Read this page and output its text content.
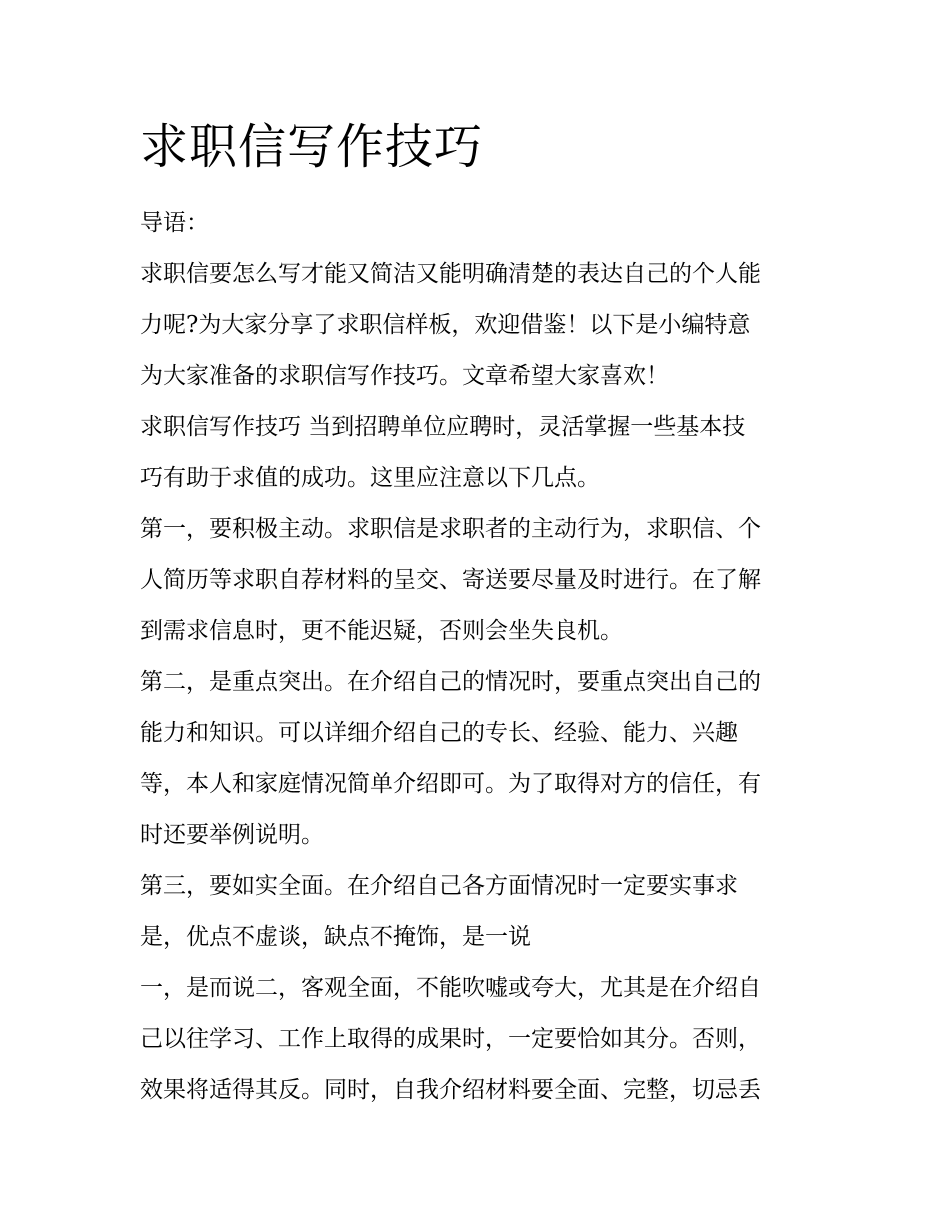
求职信写作技巧
导语：
求职信要怎么写才能又简洁又能明确清楚的表达自己的个人能
力呢?为大家分享了求职信样板，欢迎借鉴！以下是小编特意
为大家准备的求职信写作技巧。文章希望大家喜欢！
求职信写作技巧 当到招聘单位应聘时，灵活掌握一些基本技
巧有助于求值的成功。这里应注意以下几点。
第一，要积极主动。求职信是求职者的主动行为，求职信、个
人简历等求职自荐材料的呈交、寄送要尽量及时进行。在了解
到需求信息时，更不能迟疑，否则会坐失良机。
第二，是重点突出。在介绍自己的情况时，要重点突出自己的
能力和知识。可以详细介绍自己的专长、经验、能力、兴趣
等，本人和家庭情况简单介绍即可。为了取得对方的信任，有
时还要举例说明。
第三，要如实全面。在介绍自己各方面情况时一定要实事求
是，优点不虚谈，缺点不掩饰，是一说
一，是而说二，客观全面，不能吹嘘或夸大，尤其是在介绍自
己以往学习、工作上取得的成果时，一定要恰如其分。否则，
效果将适得其反。同时，自我介绍材料要全面、完整，切忌丢
